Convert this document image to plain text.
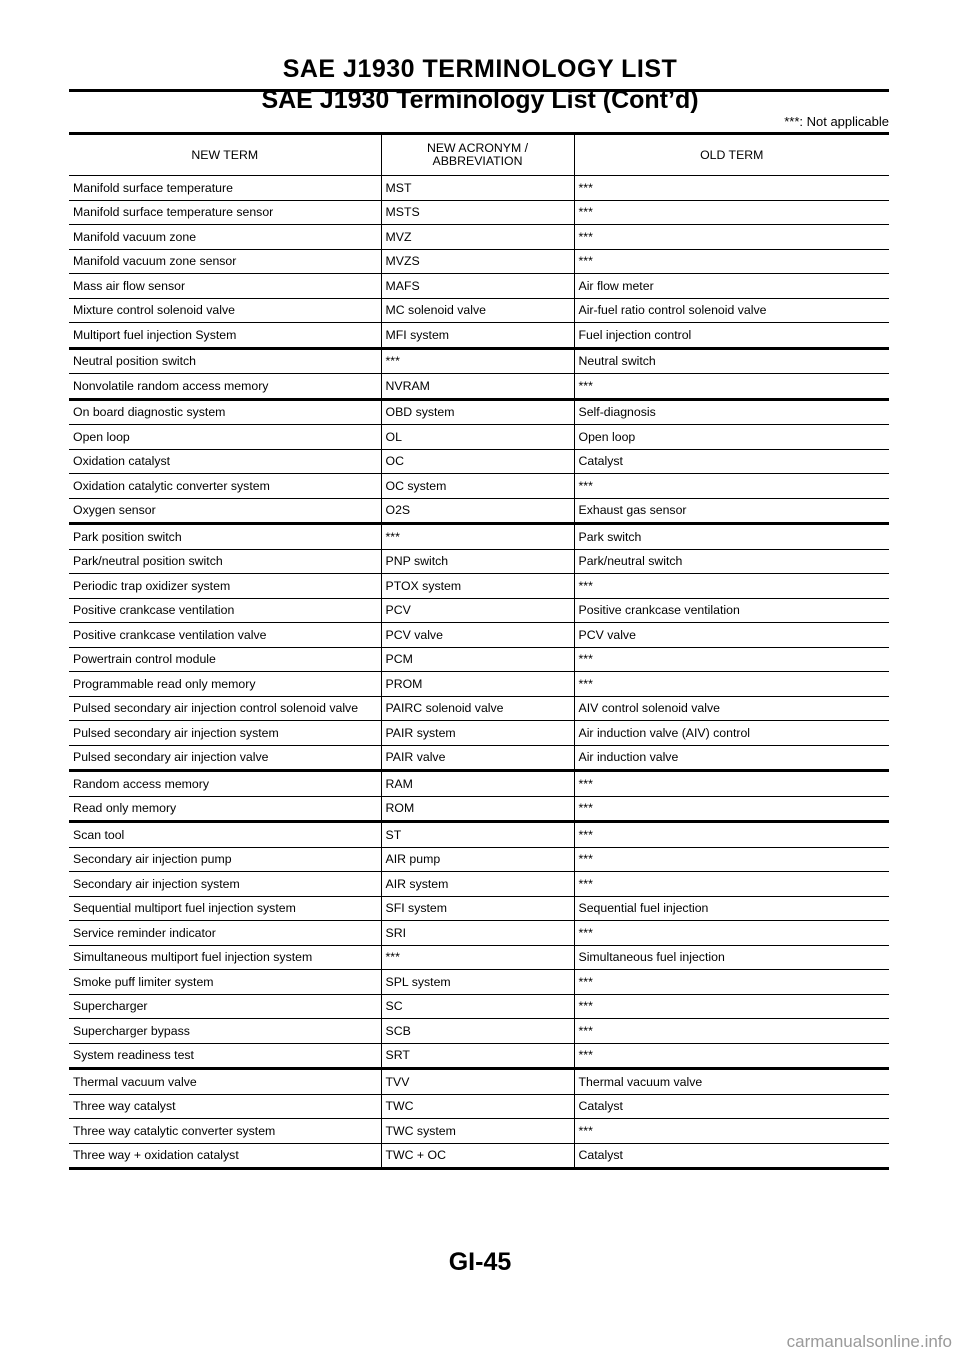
SAE J1930 TERMINOLOGY LIST
SAE J1930 Terminology List (Cont’d)
***: Not applicable
NEW TERM	NEW ACRONYM / ABBREVIATION	OLD TERM
Manifold surface temperature	MST	***
Manifold surface temperature sensor	MSTS	***
Manifold vacuum zone	MVZ	***
Manifold vacuum zone sensor	MVZS	***
Mass air flow sensor	MAFS	Air flow meter
Mixture control solenoid valve	MC solenoid valve	Air-fuel ratio control solenoid valve
Multiport fuel injection System	MFI system	Fuel injection control
Neutral position switch	***	Neutral switch
Nonvolatile random access memory	NVRAM	***
On board diagnostic system	OBD system	Self-diagnosis
Open loop	OL	Open loop
Oxidation catalyst	OC	Catalyst
Oxidation catalytic converter system	OC system	***
Oxygen sensor	O2S	Exhaust gas sensor
Park position switch	***	Park switch
Park/neutral position switch	PNP switch	Park/neutral switch
Periodic trap oxidizer system	PTOX system	***
Positive crankcase ventilation	PCV	Positive crankcase ventilation
Positive crankcase ventilation valve	PCV valve	PCV valve
Powertrain control module	PCM	***
Programmable read only memory	PROM	***
Pulsed secondary air injection control solenoid valve	PAIRC solenoid valve	AIV control solenoid valve
Pulsed secondary air injection system	PAIR system	Air induction valve (AIV) control
Pulsed secondary air injection valve	PAIR valve	Air induction valve
Random access memory	RAM	***
Read only memory	ROM	***
Scan tool	ST	***
Secondary air injection pump	AIR pump	***
Secondary air injection system	AIR system	***
Sequential multiport fuel injection system	SFI system	Sequential fuel injection
Service reminder indicator	SRI	***
Simultaneous multiport fuel injection system	***	Simultaneous fuel injection
Smoke puff limiter system	SPL system	***
Supercharger	SC	***
Supercharger bypass	SCB	***
System readiness test	SRT	***
Thermal vacuum valve	TVV	Thermal vacuum valve
Three way catalyst	TWC	Catalyst
Three way catalytic converter system	TWC system	***
Three way + oxidation catalyst	TWC + OC	Catalyst
GI-45
carmanualsonline.info
